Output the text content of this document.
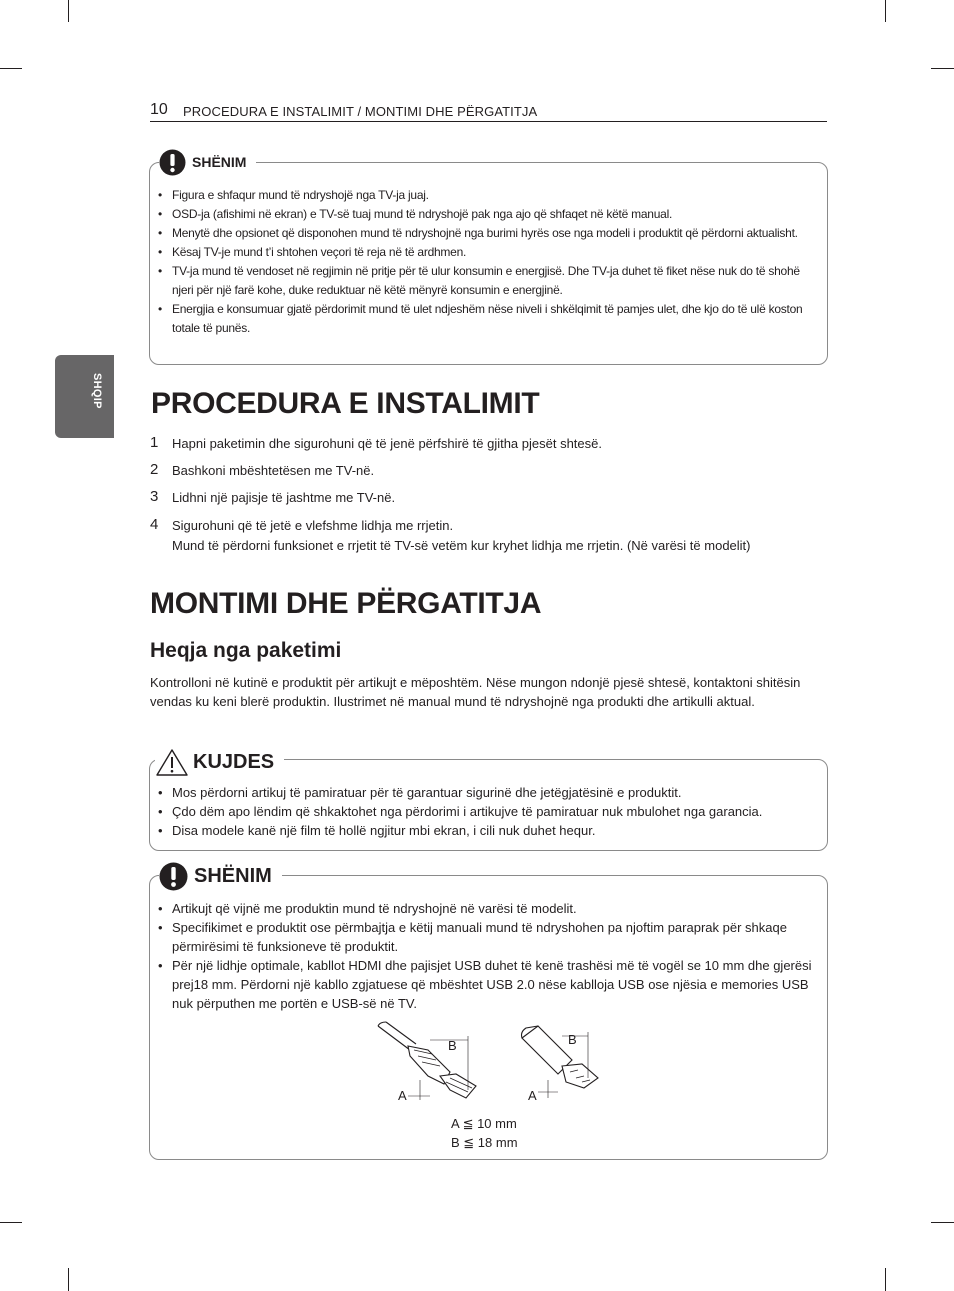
10 PROCEDURA E INSTALIMIT / MONTIMI DHE PËRGATITJA
SHQIP
SHËNIM
• Figura e shfaqur mund të ndryshojë nga TV-ja juaj.
• OSD-ja (afishimi në ekran) e TV-së tuaj mund të ndryshojë pak nga ajo që shfaqet në këtë manual.
• Menytë dhe opsionet që disponohen mund të ndryshojnë nga burimi hyrës ose nga modeli i produktit që përdorni aktualisht.
• Kësaj TV-je mund t’i shtohen veçori të reja në të ardhmen.
• TV-ja mund të vendoset në regjimin në pritje për të ulur konsumin e energjisë. Dhe TV-ja duhet të fiket nëse nuk do të shohë njeri për një farë kohe, duke reduktuar në këtë mënyrë konsumin e energjinë.
• Energjia e konsumuar gjatë përdorimit mund të ulet ndjeshëm nëse niveli i shkëlqimit të pamjes ulet, dhe kjo do të ulë koston totale të punës.
PROCEDURA E INSTALIMIT
1 Hapni paketimin dhe sigurohuni që të jenë përfshirë të gjitha pjesët shtesë.
2 Bashkoni mbështetësen me TV-në.
3 Lidhni një pajisje të jashtme me TV-në.
4 Sigurohuni që të jetë e vlefshme lidhja me rrjetin.
Mund të përdorni funksionet e rrjetit të TV-së vetëm kur kryhet lidhja me rrjetin. (Në varësi të modelit)
MONTIMI DHE PËRGATITJA
Heqja nga paketimi
Kontrolloni në kutinë e produktit për artikujt e mëposhtëm. Nëse mungon ndonjë pjesë shtesë, kontaktoni shitësin vendas ku keni blerë produktin. Ilustrimet në manual mund të ndryshojnë nga produkti dhe artikulli aktual.
KUJDES
• Mos përdorni artikuj të pamiratuar për të garantuar sigurinë dhe jetëgjatësinë e produktit.
• Çdo dëm apo lëndim që shkaktohet nga përdorimi i artikujve të pamiratuar nuk mbulohet nga garancia.
• Disa modele kanë një film të hollë ngjitur mbi ekran, i cili nuk duhet hequr.
SHËNIM
• Artikujt që vijnë me produktin mund të ndryshojnë në varësi të modelit.
• Specifikimet e produktit ose përmbajtja e këtij manuali mund të ndryshohen pa njoftim paraprak për shkaqe përmirësimi të funksioneve të produktit.
• Për një lidhje optimale, kabllot HDMI dhe pajisjet USB duhet të kenë trashësi më të vogël se 10 mm dhe gjerësi prej18 mm. Përdorni një kabllo zgjatuese që mbështet USB 2.0 nëse kablloja USB ose njësia e memories USB nuk përputhen me portën e USB-së në TV.
B
A
B
A
A ≦ 10 mm
B ≦ 18 mm
